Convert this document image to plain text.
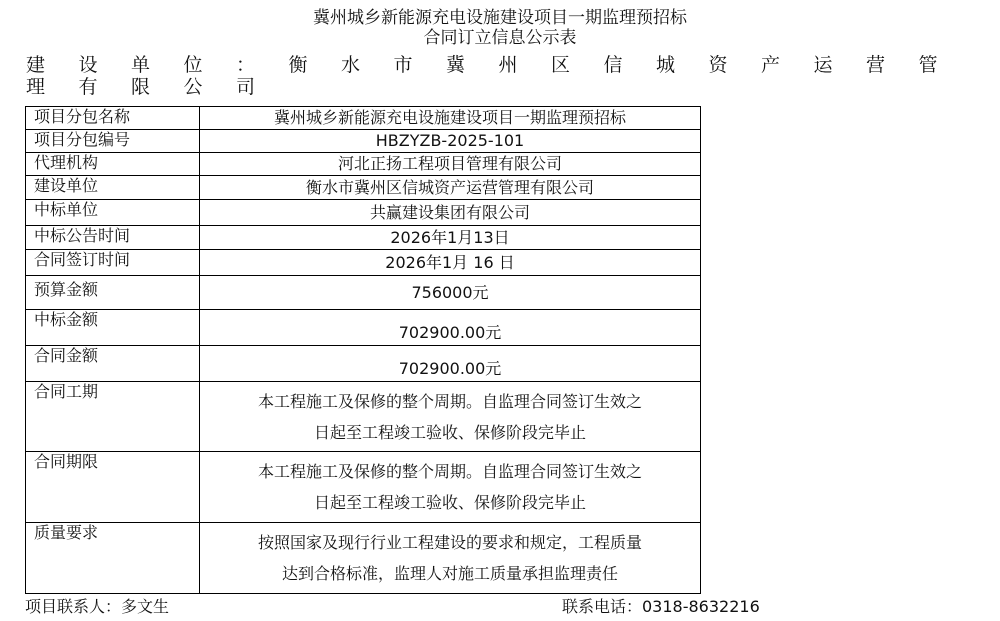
冀州城乡新能源充电设施建设项目一期监理预招标
合同订立信息公示表
建设单位：衡水市冀州区信城资产运营管理有限公司
项目分包名称	冀州城乡新能源充电设施建设项目一期监理预招标
项目分包编号	HBZYZB-2025-101
代理机构	河北正扬工程项目管理有限公司
建设单位	衡水市冀州区信城资产运营管理有限公司
中标单位	共赢建设集团有限公司
中标公告时间	2026年1月13日
合同签订时间	2026年1月 16 日
预算金额	756000元
中标金额	702900.00元
合同金额	702900.00元
合同工期	本工程施工及保修的整个周期。自监理合同签订生效之
日起至工程竣工验收、保修阶段完毕止

合同期限	本工程施工及保修的整个周期。自监理合同签订生效之
日起至工程竣工验收、保修阶段完毕止

质量要求	按照国家及现行行业工程建设的要求和规定，工程质量
达到合格标准，监理人对施工质量承担监理责任
项目联系人：多文生	联系电话：0318-8632216
